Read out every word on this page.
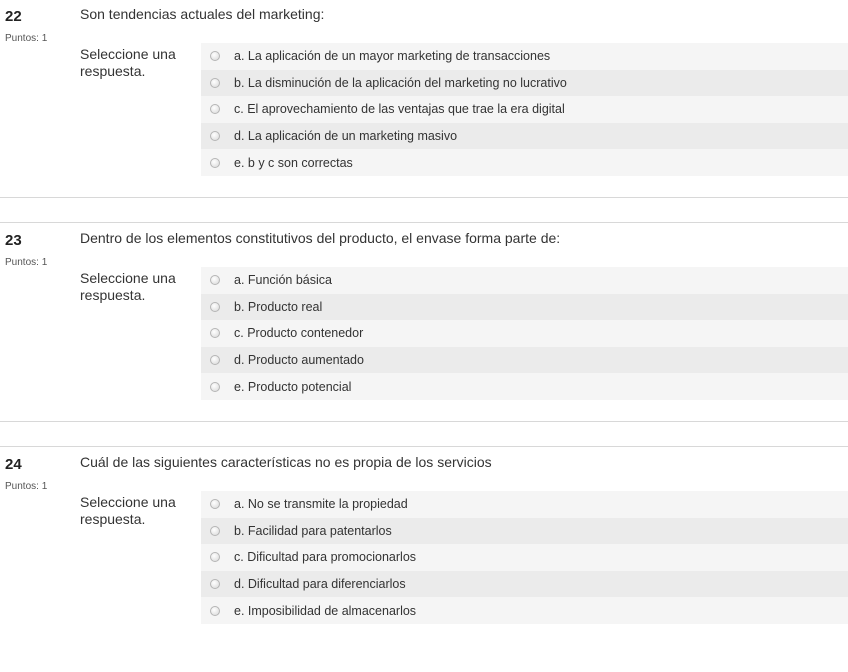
22
Puntos: 1
Son tendencias actuales del marketing:
Seleccione una respuesta.
a. La aplicación de un mayor marketing de transacciones
b. La disminución de la aplicación del marketing no lucrativo
c. El aprovechamiento de las ventajas que trae la era digital
d. La aplicación de un marketing masivo
e. b y c son correctas
23
Puntos: 1
Dentro de los elementos constitutivos del producto, el envase forma parte de:
Seleccione una respuesta.
a. Función básica
b. Producto real
c. Producto contenedor
d. Producto aumentado
e. Producto potencial
24
Puntos: 1
Cuál de las siguientes características no es propia de los servicios
Seleccione una respuesta.
a. No se transmite la propiedad
b. Facilidad para patentarlos
c. Dificultad para promocionarlos
d. Dificultad para diferenciarlos
e. Imposibilidad de almacenarlos
